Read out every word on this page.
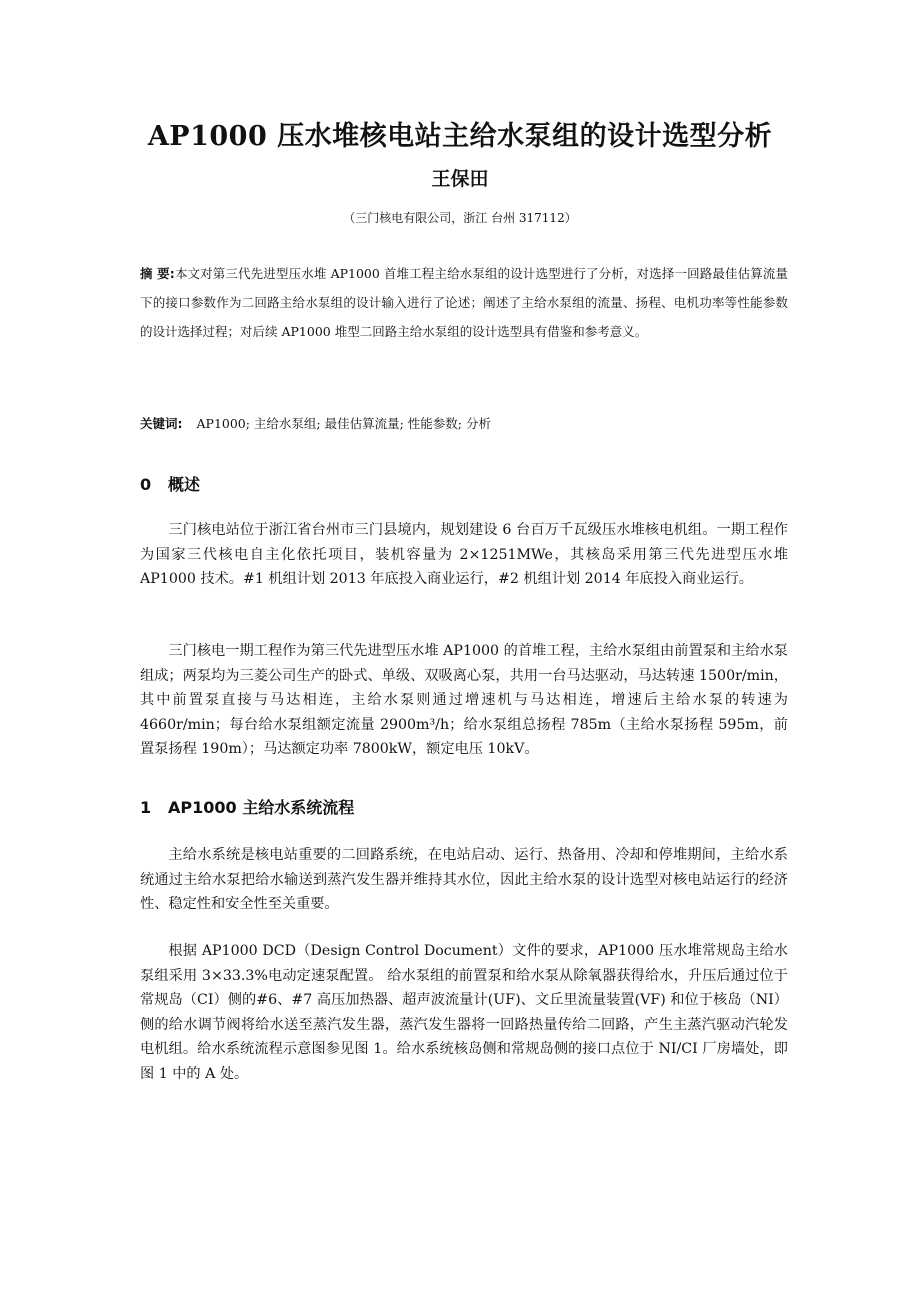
AP1000 压水堆核电站主给水泵组的设计选型分析
王保田
（三门核电有限公司，浙江 台州 317112）

摘 要:本文对第三代先进型压水堆 AP1000 首堆工程主给水泵组的设计选型进行了分析，对选择一回路最佳估算流量下的接口参数作为二回路主给水泵组的设计输入进行了论述；阐述了主给水泵组的流量、扬程、电机功率等性能参数的设计选择过程；对后续 AP1000 堆型二回路主给水泵组的设计选型具有借鉴和参考意义。

关键词: AP1000; 主给水泵组; 最佳估算流量; 性能参数; 分析

0 概述

三门核电站位于浙江省台州市三门县境内，规划建设 6 台百万千瓦级压水堆核电机组。一期工程作为国家三代核电自主化依托项目，装机容量为 2×1251MWe，其核岛采用第三代先进型压水堆 AP1000 技术。#1 机组计划 2013 年底投入商业运行，#2 机组计划 2014 年底投入商业运行。

三门核电一期工程作为第三代先进型压水堆 AP1000 的首堆工程，主给水泵组由前置泵和主给水泵组成；两泵均为三菱公司生产的卧式、单级、双吸离心泵，共用一台马达驱动，马达转速 1500r/min，其中前置泵直接与马达相连，主给水泵则通过增速机与马达相连，增速后主给水泵的转速为 4660r/min；每台给水泵组额定流量 2900m³/h；给水泵组总扬程 785m（主给水泵扬程 595m，前置泵扬程 190m）；马达额定功率 7800kW，额定电压 10kV。

1 AP1000 主给水系统流程

主给水系统是核电站重要的二回路系统，在电站启动、运行、热备用、冷却和停堆期间，主给水系统通过主给水泵把给水输送到蒸汽发生器并维持其水位，因此主给水泵的设计选型对核电站运行的经济性、稳定性和安全性至关重要。

根据 AP1000 DCD（Design Control Document）文件的要求，AP1000 压水堆常规岛主给水泵组采用 3×33.3%电动定速泵配置。 给水泵组的前置泵和给水泵从除氧器获得给水，升压后通过位于常规岛（CI）侧的#6、#7 高压加热器、超声波流量计(UF)、文丘里流量装置(VF) 和位于核岛（NI）侧的给水调节阀将给水送至蒸汽发生器，蒸汽发生器将一回路热量传给二回路，产生主蒸汽驱动汽轮发电机组。给水系统流程示意图参见图 1。给水系统核岛侧和常规岛侧的接口点位于 NI/CI 厂房墙处，即图 1 中的 A 处。
